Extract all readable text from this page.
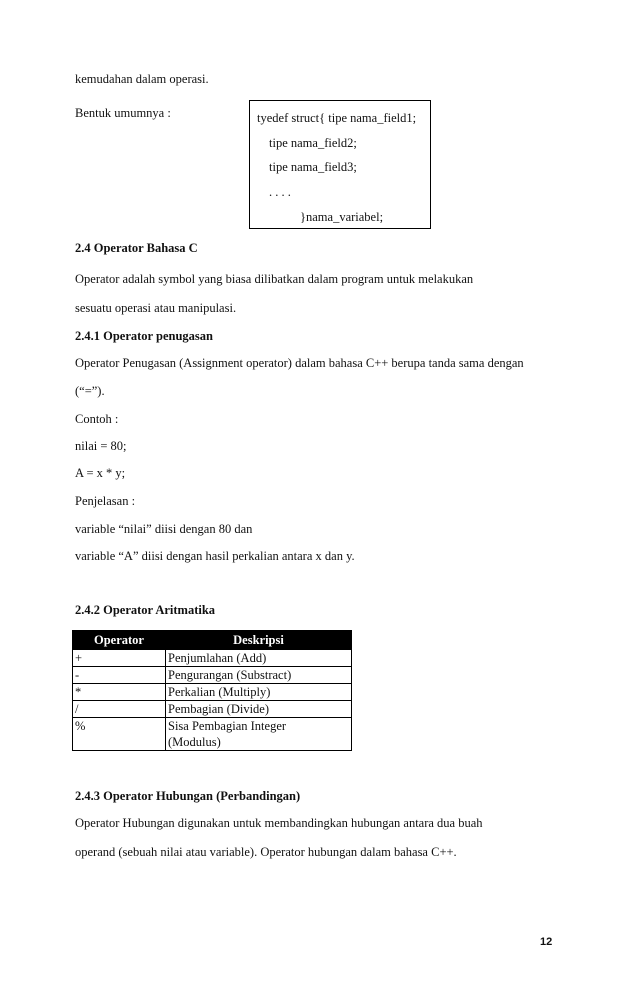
kemudahan dalam operasi.
Bentuk umumnya :	tyedef struct{ tipe nama_field1;
tipe nama_field2;
tipe nama_field3;
. . . .
}nama_variabel;
2.4 Operator Bahasa C
Operator adalah symbol yang biasa dilibatkan dalam program untuk melakukan
sesuatu operasi atau manipulasi.
2.4.1 Operator penugasan
Operator Penugasan (Assignment operator) dalam bahasa C++ berupa tanda sama dengan
(“=”).
Contoh :
nilai = 80;
A = x * y;
Penjelasan :
variable “nilai” diisi dengan 80 dan
variable “A” diisi dengan hasil perkalian antara x dan y.
2.4.2 Operator Aritmatika
Operator	Deskripsi
+	Penjumlahan (Add)
-	Pengurangan (Substract)
*	Perkalian (Multiply)
/	Pembagian (Divide)
%	Sisa Pembagian Integer
(Modulus)
2.4.3 Operator Hubungan (Perbandingan)
Operator Hubungan digunakan untuk membandingkan hubungan antara dua buah
operand (sebuah nilai atau variable). Operator hubungan dalam bahasa C++.
12
